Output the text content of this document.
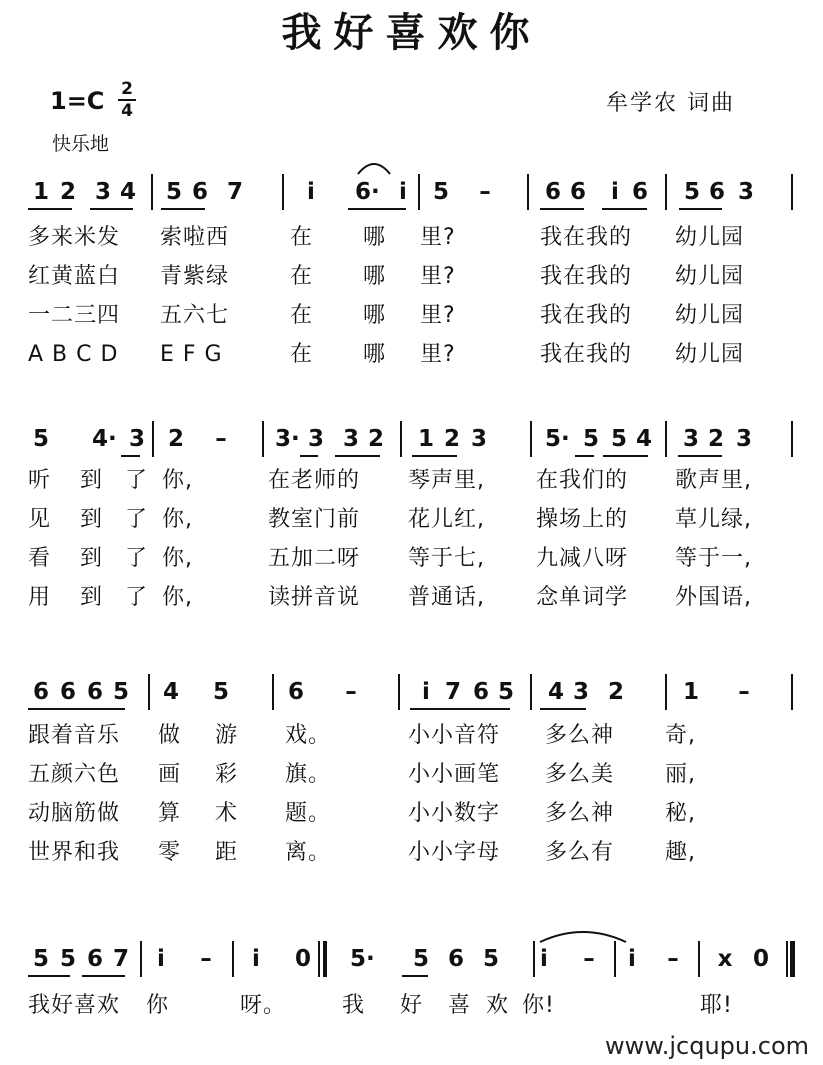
我好喜欢你
1=C 2
4
快乐地
牟学农 词曲
1 2 3 4 5 6 7	i	6· i	5 – 6 6	i 6 5 6 3
多来米发 索啦西	在 哪 里?	我在我的 幼儿园
红黄蓝白 青紫绿	在 哪 里?	我在我的 幼儿园
一二三四 五六七	在 哪 里?	我在我的 幼儿园
A B C D E F G	在 哪 里?	我在我的 幼儿园
5 4· 3 2 – 3· 3 3 2 1 2 3	5· 5 5 4 3 2 3
听 到 了 你,	在老师的 琴声里, 在我们的 歌声里,
见 到 了 你,	教室门前 花儿红, 操场上的 草儿绿,
看 到 了 你,	五加二呀 等于七, 九减八呀 等于一,
用 到 了 你,	读拼音说 普通话, 念单词学 外国语,
6 6 6 5 4 5	6 –	i 7 6 5 4 3 2	1 –
跟着音乐 做 游 戏。	小小音符 多么神 奇,
五颜六色 画 彩 旗。	小小画笔 多么美 丽,
动脑筋做 算 术 题。	小小数字 多么神 秘,
世界和我 零 距 离。	小小字母 多么有 趣,
5 5 6 7	i	–	i	0 5· 5 6 5	i	–	i	– x 0
我好喜欢 你	呀。	我 好 喜 欢 你!	耶!
www.jcqupu.com
